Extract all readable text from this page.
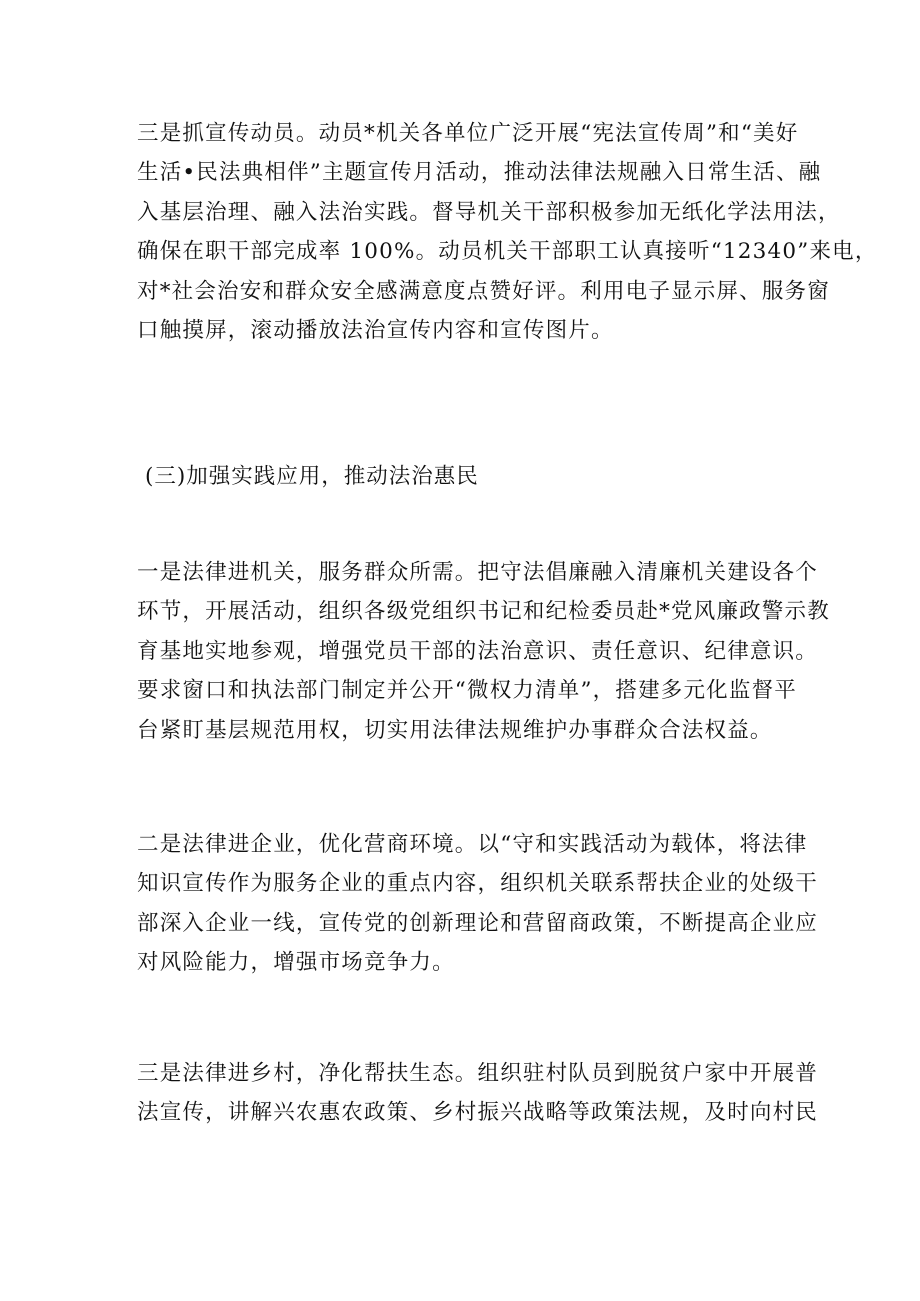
三是抓宣传动员。动员*机关各单位广泛开展“宪法宣传周”和“美好
生活•民法典相伴”主题宣传月活动，推动法律法规融入日常生活、融
入基层治理、融入法治实践。督导机关干部积极参加无纸化学法用法，
确保在职干部完成率 100%。动员机关干部职工认真接听“12340”来电，
对*社会治安和群众安全感满意度点赞好评。利用电子显示屏、服务窗
口触摸屏，滚动播放法治宣传内容和宣传图片。
(三)加强实践应用，推动法治惠民
一是法律进机关，服务群众所需。把守法倡廉融入清廉机关建设各个
环节，开展活动，组织各级党组织书记和纪检委员赴*党风廉政警示教
育基地实地参观，增强党员干部的法治意识、责任意识、纪律意识。
要求窗口和执法部门制定并公开“微权力清单”，搭建多元化监督平
台紧盯基层规范用权，切实用法律法规维护办事群众合法权益。
二是法律进企业，优化营商环境。以“守和实践活动为载体，将法律
知识宣传作为服务企业的重点内容，组织机关联系帮扶企业的处级干
部深入企业一线，宣传党的创新理论和营留商政策，不断提高企业应
对风险能力，增强市场竞争力。
三是法律进乡村，净化帮扶生态。组织驻村队员到脱贫户家中开展普
法宣传，讲解兴农惠农政策、乡村振兴战略等政策法规，及时向村民
